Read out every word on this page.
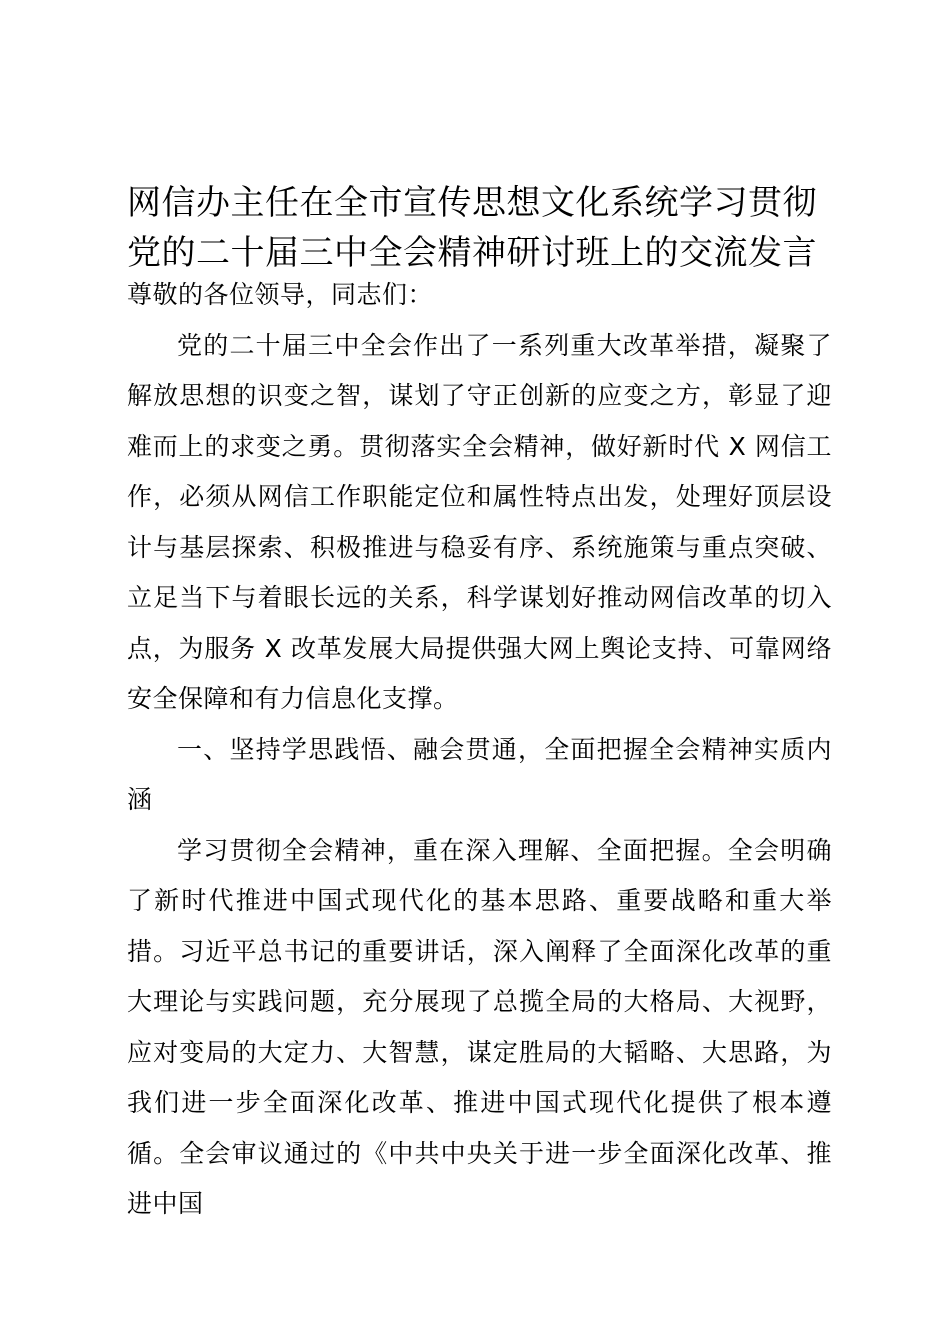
网信办主任在全市宣传思想文化系统学习贯彻党的二十届三中全会精神研讨班上的交流发言

尊敬的各位领导，同志们：

党的二十届三中全会作出了一系列重大改革举措，凝聚了解放思想的识变之智，谋划了守正创新的应变之方，彰显了迎难而上的求变之勇。贯彻落实全会精神，做好新时代 X 网信工作，必须从网信工作职能定位和属性特点出发，处理好顶层设计与基层探索、积极推进与稳妥有序、系统施策与重点突破、立足当下与着眼长远的关系，科学谋划好推动网信改革的切入点，为服务 X 改革发展大局提供强大网上舆论支持、可靠网络安全保障和有力信息化支撑。

一、坚持学思践悟、融会贯通，全面把握全会精神实质内涵

学习贯彻全会精神，重在深入理解、全面把握。全会明确了新时代推进中国式现代化的基本思路、重要战略和重大举措。习近平总书记的重要讲话，深入阐释了全面深化改革的重大理论与实践问题，充分展现了总揽全局的大格局、大视野，应对变局的大定力、大智慧，谋定胜局的大韬略、大思路，为我们进一步全面深化改革、推进中国式现代化提供了根本遵循。全会审议通过的《中共中央关于进一步全面深化改革、推进中国
